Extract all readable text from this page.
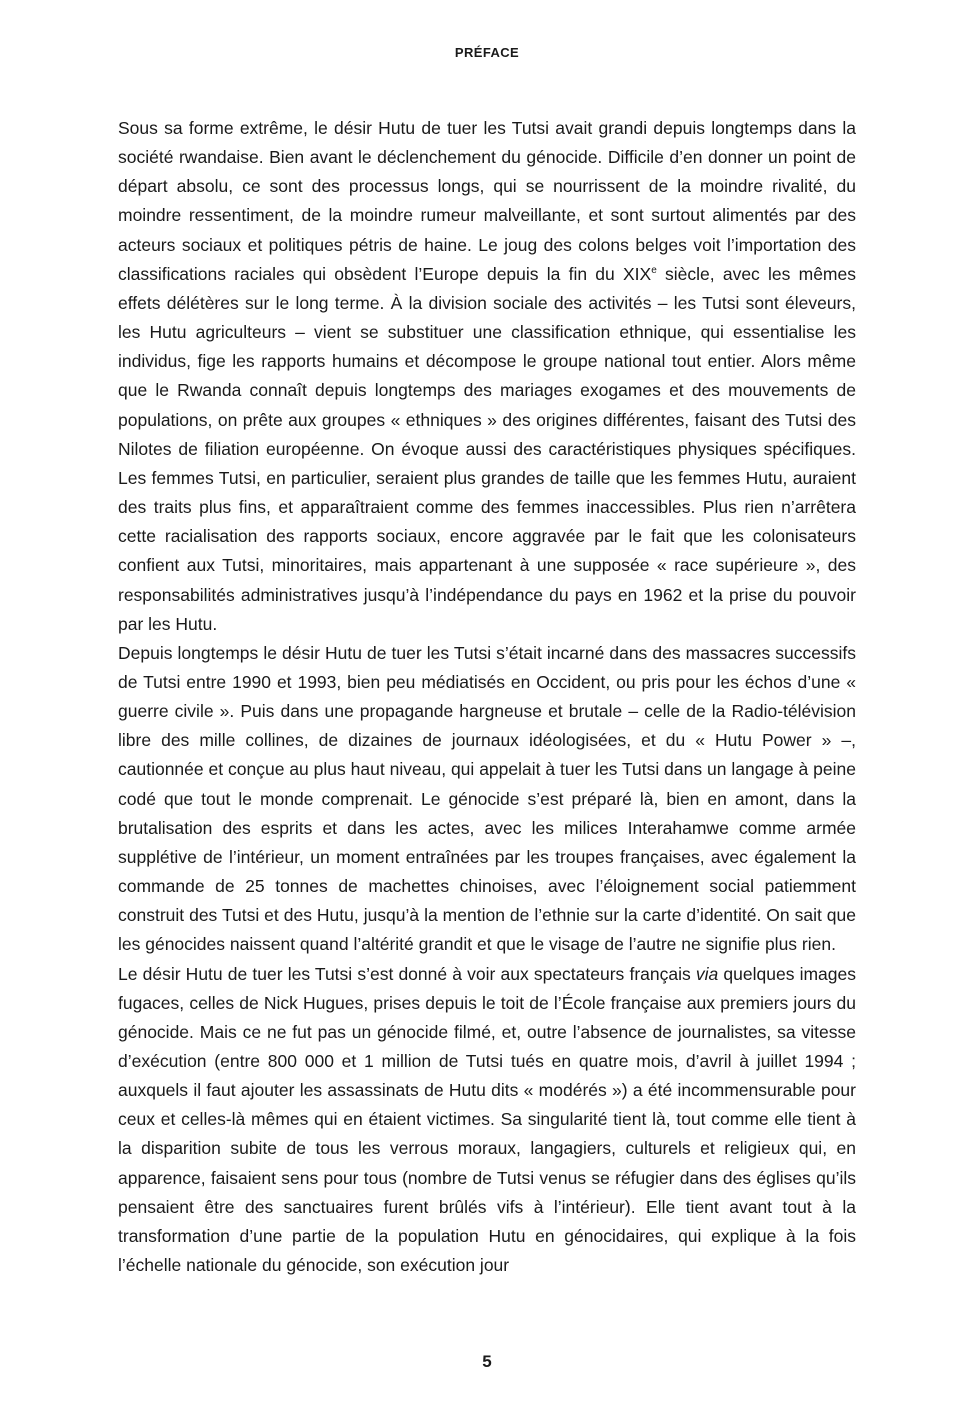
PRÉFACE

Sous sa forme extrême, le désir Hutu de tuer les Tutsi avait grandi depuis longtemps dans la société rwandaise. Bien avant le déclenchement du génocide. Difficile d’en donner un point de départ absolu, ce sont des processus longs, qui se nourrissent de la moindre rivalité, du moindre ressentiment, de la moindre rumeur malveillante, et sont surtout alimentés par des acteurs sociaux et politiques pétris de haine. Le joug des colons belges voit l’importation des classifications raciales qui obsèdent l’Europe depuis la fin du XIXe siècle, avec les mêmes effets délétères sur le long terme. À la division sociale des activités – les Tutsi sont éleveurs, les Hutu agriculteurs – vient se substituer une classification ethnique, qui essentialise les individus, fige les rapports humains et décompose le groupe national tout entier. Alors même que le Rwanda connaît depuis longtemps des mariages exogames et des mouvements de populations, on prête aux groupes « ethniques » des origines différentes, faisant des Tutsi des Nilotes de filiation européenne. On évoque aussi des caractéristiques physiques spécifiques. Les femmes Tutsi, en particulier, seraient plus grandes de taille que les femmes Hutu, auraient des traits plus fins, et apparaîtraient comme des femmes inaccessibles. Plus rien n’arrêtera cette racialisation des rapports sociaux, encore aggravée par le fait que les colonisateurs confient aux Tutsi, minoritaires, mais appartenant à une supposée « race supérieure », des responsabilités administratives jusqu’à l’indépendance du pays en 1962 et la prise du pouvoir par les Hutu.

Depuis longtemps le désir Hutu de tuer les Tutsi s’était incarné dans des massacres successifs de Tutsi entre 1990 et 1993, bien peu médiatisés en Occident, ou pris pour les échos d’une « guerre civile ». Puis dans une propagande hargneuse et brutale – celle de la Radio-télévision libre des mille collines, de dizaines de journaux idéologisées, et du « Hutu Power » –, cautionnée et conçue au plus haut niveau, qui appelait à tuer les Tutsi dans un langage à peine codé que tout le monde comprenait. Le génocide s’est préparé là, bien en amont, dans la brutalisation des esprits et dans les actes, avec les milices Interahamwe comme armée supplétive de l’intérieur, un moment entraînées par les troupes françaises, avec également la commande de 25 tonnes de machettes chinoises, avec l’éloignement social patiemment construit des Tutsi et des Hutu, jusqu’à la mention de l’ethnie sur la carte d’identité. On sait que les génocides naissent quand l’altérité grandit et que le visage de l’autre ne signifie plus rien.

Le désir Hutu de tuer les Tutsi s’est donné à voir aux spectateurs français via quelques images fugaces, celles de Nick Hugues, prises depuis le toit de l’École française aux premiers jours du génocide. Mais ce ne fut pas un génocide filmé, et, outre l’absence de journalistes, sa vitesse d’exécution (entre 800 000 et 1 million de Tutsi tués en quatre mois, d’avril à juillet 1994 ; auxquels il faut ajouter les assassinats de Hutu dits « modérés ») a été incommensurable pour ceux et celles-là mêmes qui en étaient victimes. Sa singularité tient là, tout comme elle tient à la disparition subite de tous les verrous moraux, langagiers, culturels et religieux qui, en apparence, faisaient sens pour tous (nombre de Tutsi venus se réfugier dans des églises qu’ils pensaient être des sanctuaires furent brûlés vifs à l’intérieur). Elle tient avant tout à la transformation d’une partie de la population Hutu en génocidaires, qui explique à la fois l’échelle nationale du génocide, son exécution jour

5
